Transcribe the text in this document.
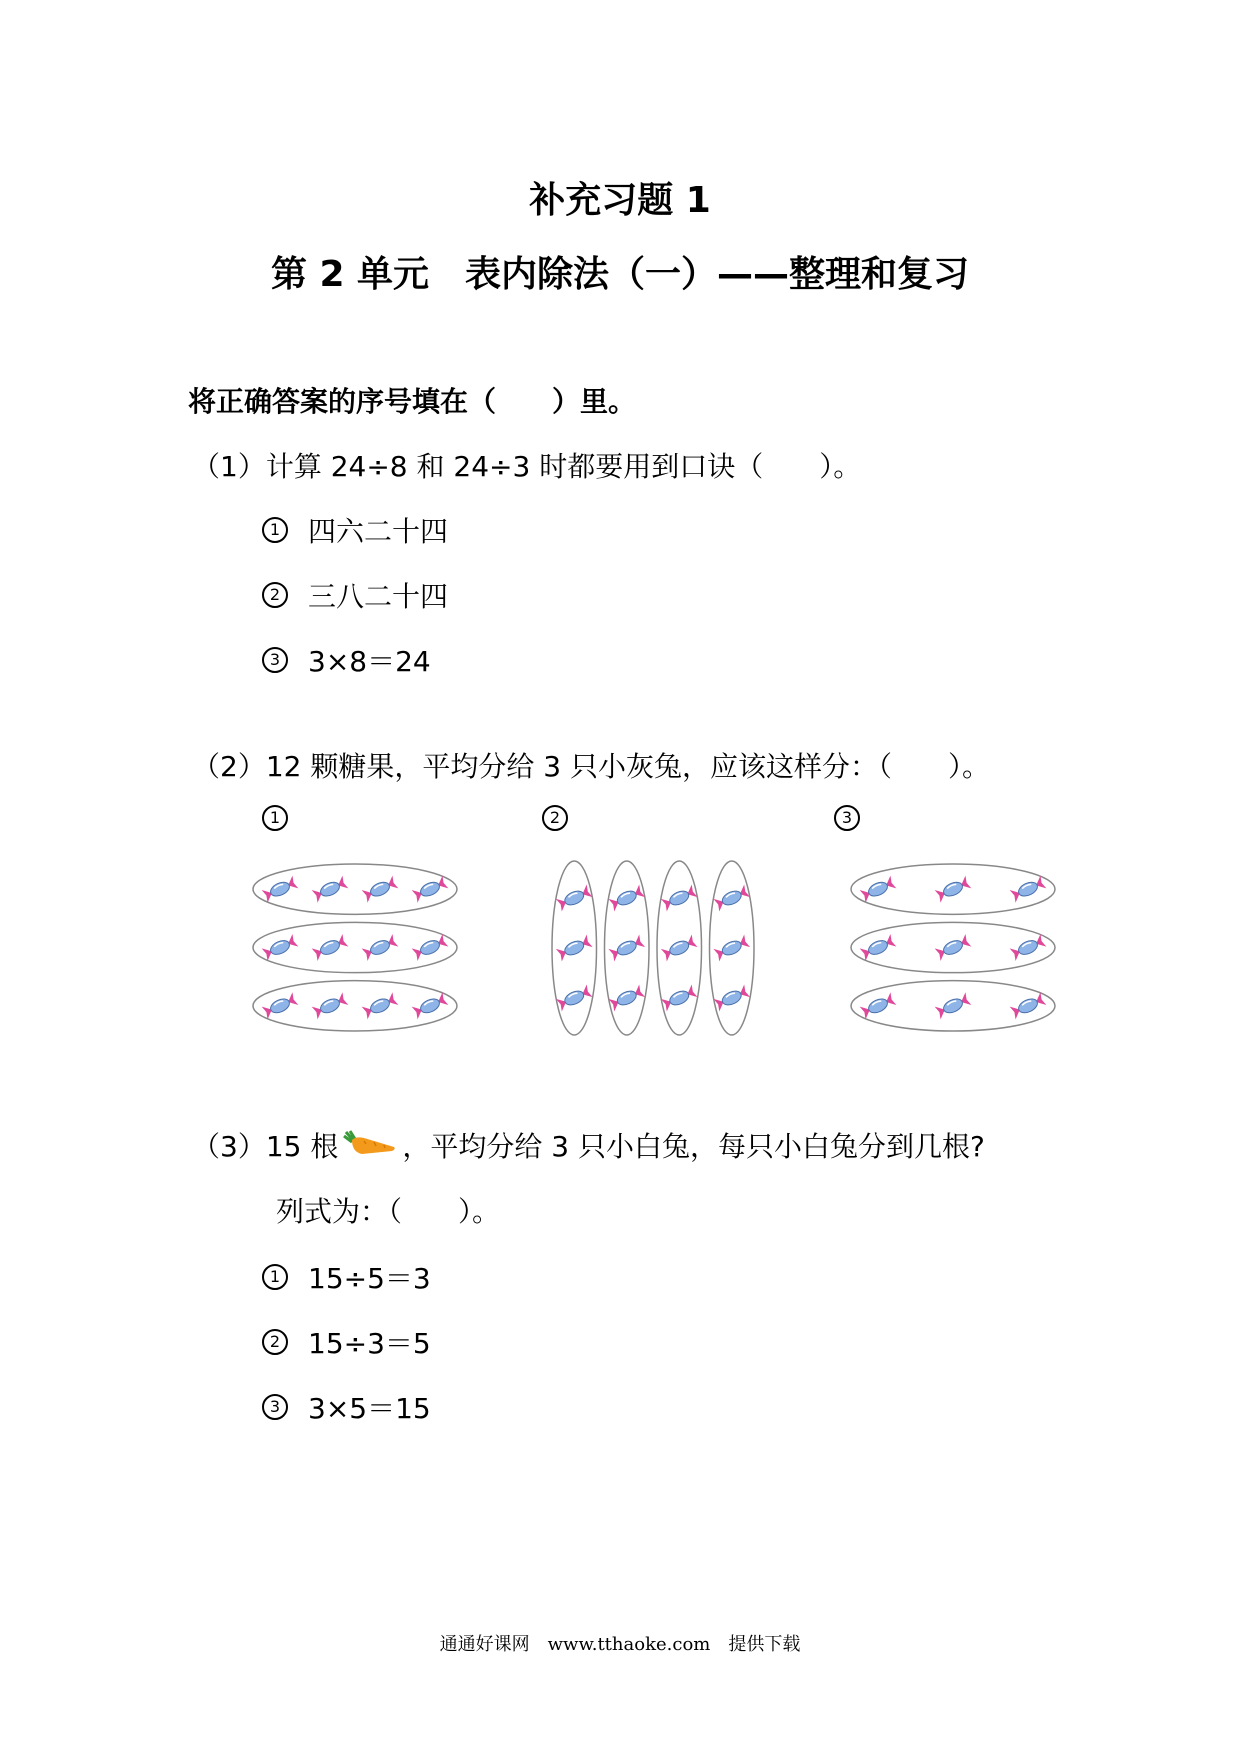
补充习题 1
第 2 单元　表内除法（一）——整理和复习
将正确答案的序号填在（　　）里。
（1）计算 24÷8 和 24÷3 时都要用到口诀（　　）。
1 四六二十四
2 三八二十四
3 3×8＝24
（2）12 颗糖果，平均分给 3 只小灰兔，应该这样分：（　　）。
1	2	3
（3）15 根 ，平均分给 3 只小白兔，每只小白兔分到几根?
列式为：（　　）。
1 15÷5＝3
2 15÷3＝5
3 3×5＝15
通通好课网　www.tthaoke.com　提供下载
